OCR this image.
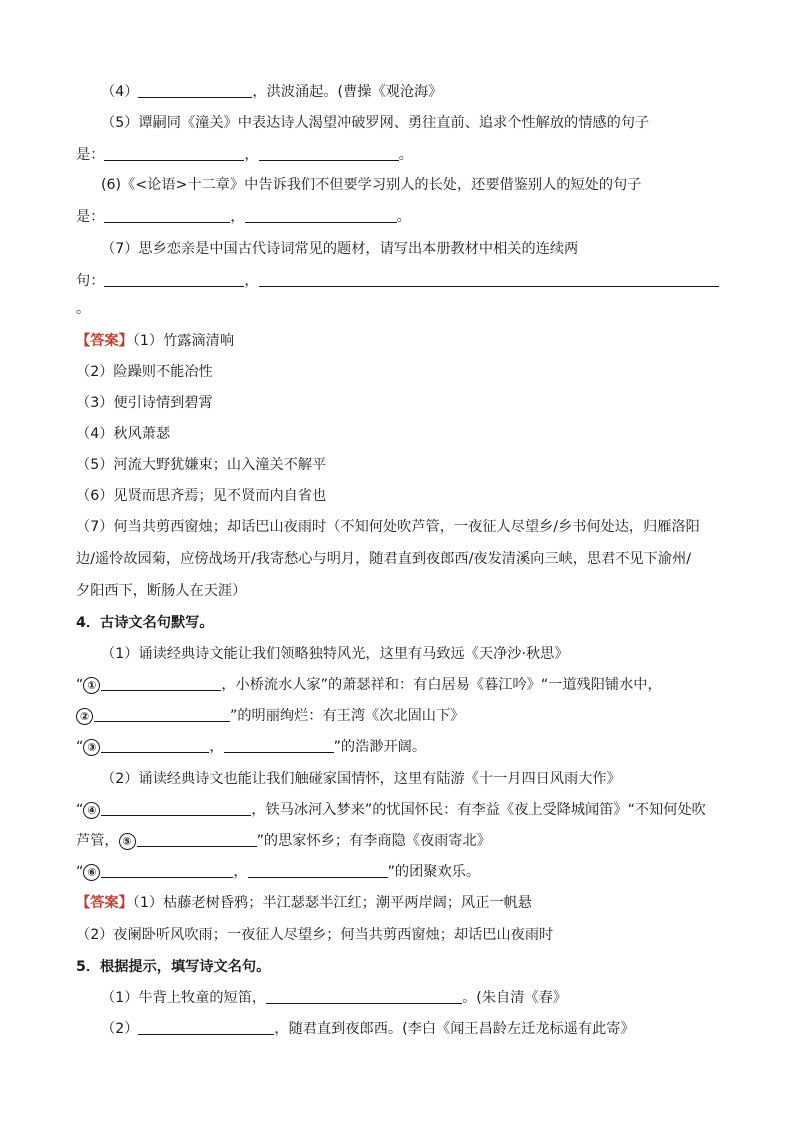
（4）	，洪波涌起。(曹操《观沧海》
（5）谭嗣同《潼关》中表达诗人渴望冲破罗网、勇往直前、追求个性解放的情感的句子
是：	，	。
(6)《<论语>十二章》中告诉我们不但要学习别人的长处，还要借鉴别人的短处的句子
是：	，	。
（7）思乡恋亲是中国古代诗词常见的题材，请写出本册教材中相关的连续两
句：	，
。
【答案】（1）竹露滴清响
（2）险躁则不能冶性
（3）便引诗情到碧霄
（4）秋风萧瑟
（5）河流大野犹嫌束；山入潼关不解平
（6）见贤而思齐焉；见不贤而内自省也
（7）何当共剪西窗烛；却话巴山夜雨时（不知何处吹芦管，一夜征人尽望乡/乡书何处达，归雁洛阳
边/遥怜故园菊，应傍战场开/我寄愁心与明月，随君直到夜郎西/夜发清溪向三峡，思君不见下渝州/
夕阳西下，断肠人在天涯）
4．古诗文名句默写。
（1）诵读经典诗文能让我们领略独特风光，这里有马致远《天净沙·秋思》
“ ①	，小桥流水人家”的萧瑟祥和：有白居易《暮江吟》“一道残阳铺水中，
②	”的明丽绚烂：有王湾《次北固山下》
“ ③	，	”的浩渺开阔。
（2）诵读经典诗文也能让我们触碰家国情怀，这里有陆游《十一月四日风雨大作》
“ ④	，铁马冰河入梦来”的忧国怀民：有李益《夜上受降城闻笛》“不知何处吹
芦管， ⑤	”的思家怀乡；有李商隐《夜雨寄北》
“ ⑥	，	”的团聚欢乐。
【答案】（1）枯藤老树昏鸦；半江瑟瑟半江红；潮平两岸阔；风正一帆悬
（2）夜阑卧听风吹雨；一夜征人尽望乡；何当共剪西窗烛；却话巴山夜雨时
5．根据提示，填写诗文名句。
（1）牛背上牧童的短笛，	。(朱自清《春》
（2）	，随君直到夜郎西。(李白《闻王昌龄左迁龙标遥有此寄》
